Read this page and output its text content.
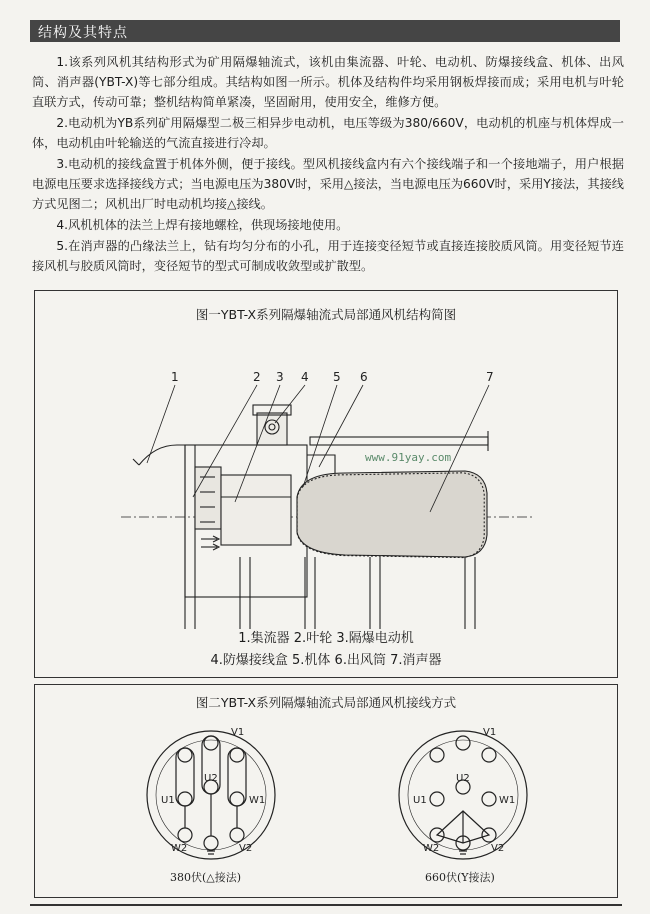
结构及其特点

1.该系列风机其结构形式为矿用隔爆轴流式，该机由集流器、叶轮、电动机、防爆接线盒、机体、出风筒、消声器(YBT-X)等七部分组成。其结构如图一所示。机体及结构件均采用钢板焊接而成；采用电机与叶轮直联方式，传动可靠；整机结构简单紧凑，坚固耐用，使用安全，维修方便。

2.电动机为YB系列矿用隔爆型二极三相异步电动机，电压等级为380/660V，电动机的机座与机体焊成一体，电动机由叶轮输送的气流直接进行冷却。

3.电动机的接线盒置于机体外侧，便于接线。型风机接线盒内有六个接线端子和一个接地端子，用户根据电源电压要求选择接线方式；当电源电压为380V时，采用△接法，当电源电压为660V时，采用Y接法，其接线方式见图二；风机出厂时电动机均接△接线。

4.风机机体的法兰上焊有接地螺栓，供现场接地使用。

5.在消声器的凸缘法兰上，钻有均匀分布的小孔，用于连接变径短节或直接连接胶质风筒。用变径短节连接风机与胶质风筒时，变径短节的型式可制成收敛型或扩散型。

图一YBT-X系列隔爆轴流式局部通风机结构简图
1	2 3 4 5 6	7
www.91yay.com
1.集流器 2.叶轮 3.隔爆电动机
4.防爆接线盒 5.机体 6.出风筒 7.消声器
图二YBT-X系列隔爆轴流式局部通风机接线方式
V1
W1
U1
U2
W2	V2
V1
W1
U1
U2
W2	V2
380伏(△接法)	660伏(Y接法)
